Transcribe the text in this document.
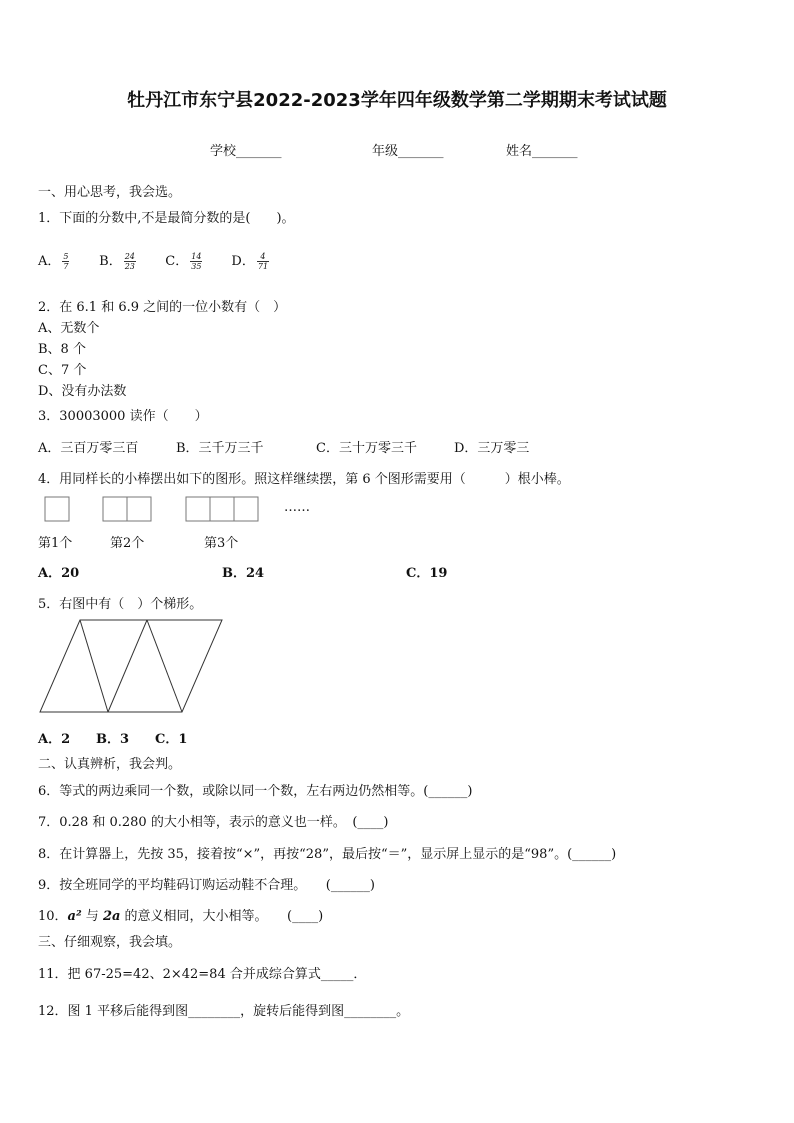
牡丹江市东宁县2022-2023学年四年级数学第二学期期末考试试题
学校_______	年级_______	姓名_______
一、用心思考，我会选。
1．下面的分数中,不是最简分数的是(　　)。
A． $\frac{5}{7}$ B． $\frac{24}{23}$ C． $\frac{14}{35}$ D． $\frac{4}{71}$
2．在 6.1 和 6.9 之间的一位小数有（　）
A、无数个
B、8 个
C、7 个
D、没有办法数
3．30003000 读作（　　）
A．三百万零三百	B．三千万三千	C．三十万零三千	D．三万零三
4．用同样长的小棒摆出如下的图形。照这样继续摆，第 6 个图形需要用（　　　）根小棒。
……
第1个	第2个	第3个
A．20	B．24	C．19
5．右图中有（　）个梯形。
A．2 B．3 C．1
二、认真辨析，我会判。
6．等式的两边乘同一个数，或除以同一个数，左右两边仍然相等。(______)
7．0.28 和 0.280 的大小相等，表示的意义也一样。　(____)
8．在计算器上，先按 35，接着按“×”，再按“28”，最后按“＝”，显示屏上显示的是“98”。(______)
9．按全班同学的平均鞋码订购运动鞋不合理。　　(______)
10．a² 与 2a 的意义相同，大小相等。　　(____)
三、仔细观察，我会填。
11．把 67-25=42、2×42=84 合并成综合算式_____．
12．图 1 平移后能得到图________，旋转后能得到图________。
